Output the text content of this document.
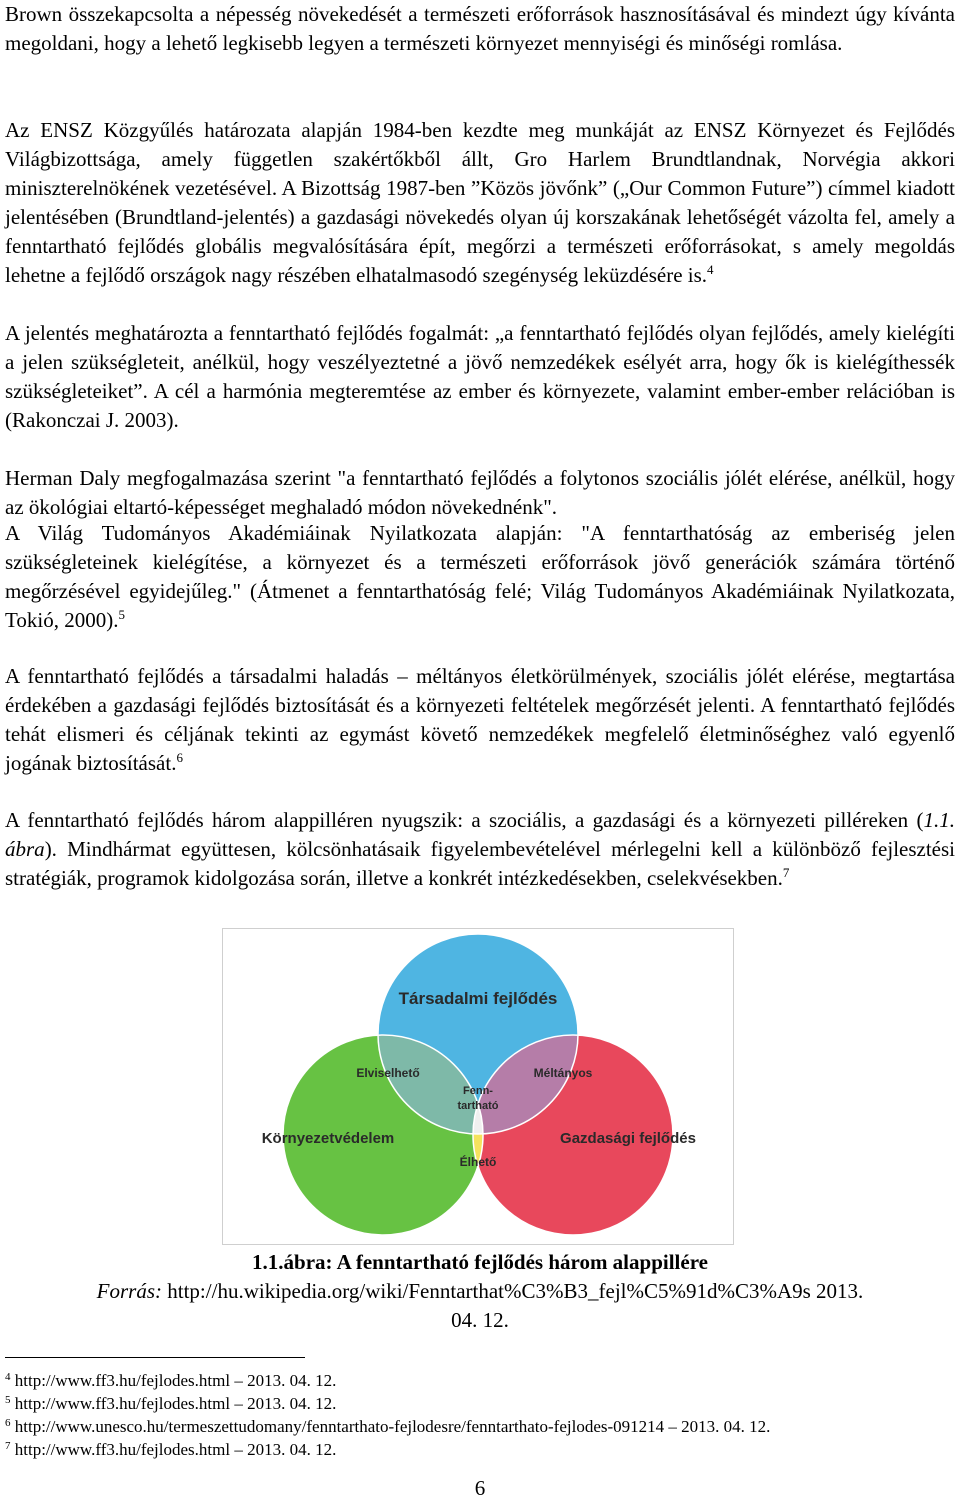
Brown összekapcsolta a népesség növekedését a természeti erőforrások hasznosításával és mindezt úgy kívánta megoldani, hogy a lehető legkisebb legyen a természeti környezet mennyiségi és minőségi romlása.

Az ENSZ Közgyűlés határozata alapján 1984-ben kezdte meg munkáját az ENSZ Környezet és Fejlődés Világbizottsága, amely független szakértőkből állt, Gro Harlem Brundtlandnak, Norvégia akkori miniszterelnökének vezetésével. A Bizottság 1987-ben ”Közös jövőnk” („Our Common Future”) címmel kiadott jelentésében (Brundtland-jelentés) a gazdasági növekedés olyan új korszakának lehetőségét vázolta fel, amely a fenntartható fejlődés globális megvalósítására épít, megőrzi a természeti erőforrásokat, s amely megoldás lehetne a fejlődő országok nagy részében elhatalmasodó szegénység leküzdésére is.$^4$

A jelentés meghatározta a fenntartható fejlődés fogalmát: „a fenntartható fejlődés olyan fejlődés, amely kielégíti a jelen szükségleteit, anélkül, hogy veszélyeztetné a jövő nemzedékek esélyét arra, hogy ők is kielégíthessék szükségleteiket”. A cél a harmónia megteremtése az ember és környezete, valamint ember-ember relációban is (Rakonczai J. 2003).

Herman Daly megfogalmazása szerint "a fenntartható fejlődés a folytonos szociális jólét elérése, anélkül, hogy az ökológiai eltartó-képességet meghaladó módon növekednénk".

A Világ Tudományos Akadémiáinak Nyilatkozata alapján: "A fenntarthatóság az emberiség jelen szükségleteinek kielégítése, a környezet és a természeti erőforrások jövő generációk számára történő megőrzésével egyidejűleg." (Átmenet a fenntarthatóság felé; Világ Tudományos Akadémiáinak Nyilatkozata, Tokió, 2000).$^5$

A fenntartható fejlődés a társadalmi haladás – méltányos életkörülmények, szociális jólét elérése, megtartása érdekében a gazdasági fejlődés biztosítását és a környezeti feltételek megőrzését jelenti. A fenntartható fejlődés tehát elismeri és céljának tekinti az egymást követő nemzedékek megfelelő életminőséghez való egyenlő jogának biztosítását.$^6$

A fenntartható fejlődés három alappilléren nyugszik: a szociális, a gazdasági és a környezeti pilléreken (1.1. ábra). Mindhármat együttesen, kölcsönhatásaik figyelembevételével mérlegelni kell a különböző fejlesztési stratégiák, programok kidolgozása során, illetve a konkrét intézkedésekben, cselekvésekben.$^7$

Társadalmi fejlődés
Elviselhető	Méltányos
Fenn-
tartható
Környezetvédelem	Gazdasági fejlődés
Élhető
1.1.ábra: A fenntartható fejlődés három alappillére
Forrás: http://hu.wikipedia.org/wiki/Fenntarthat%C3%B3_fejl%C5%91d%C3%A9s 2013.
04. 12.
$^4$ http://www.ff3.hu/fejlodes.html – 2013. 04. 12.
$^5$ http://www.ff3.hu/fejlodes.html – 2013. 04. 12.
$^6$ http://www.unesco.hu/termeszettudomany/fenntarthato-fejlodesre/fenntarthato-fejlodes-091214 – 2013. 04. 12.
$^7$ http://www.ff3.hu/fejlodes.html – 2013. 04. 12.
6
